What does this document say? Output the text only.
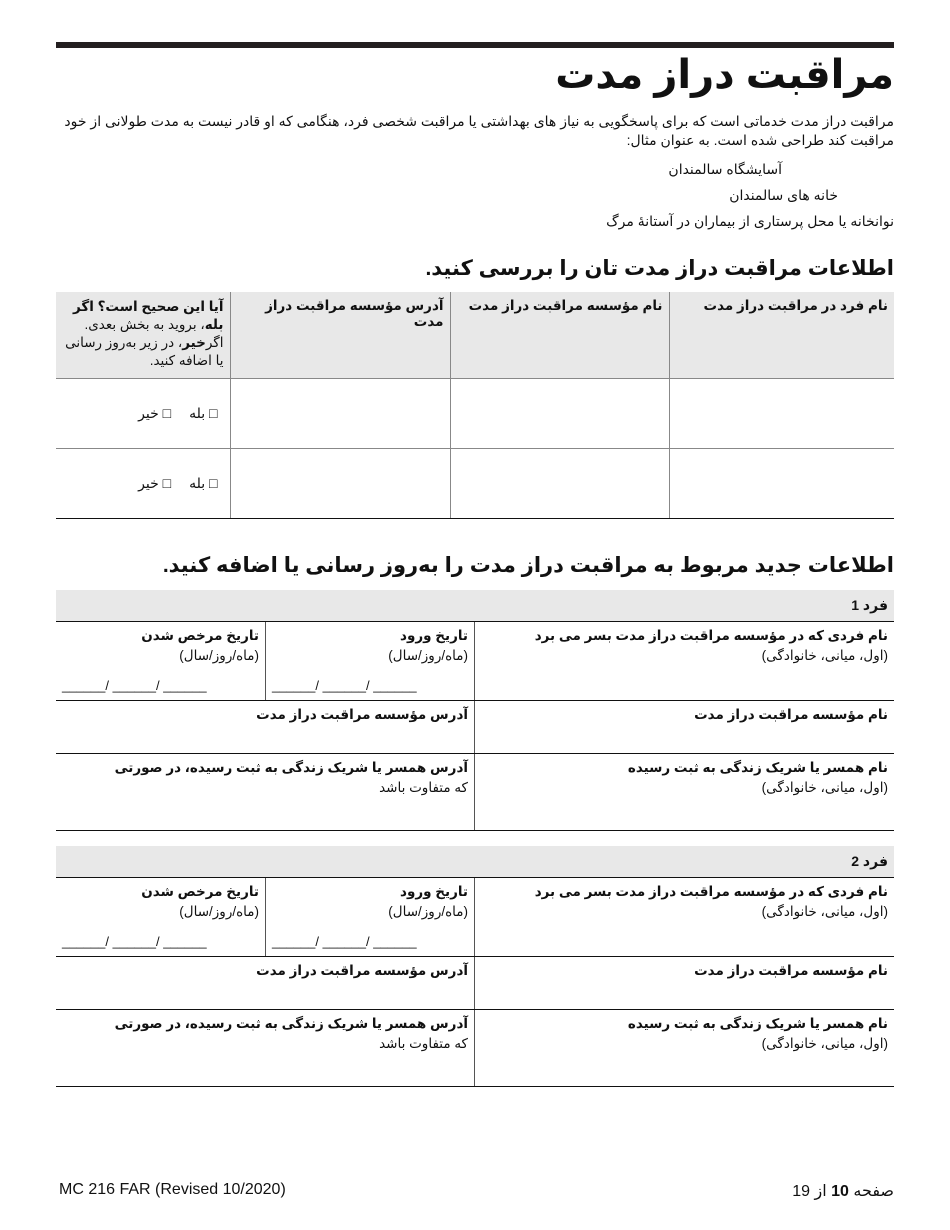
مراقبت دراز مدت
مراقبت دراز مدت خدماتی است که برای پاسخگویی به نیاز های بهداشتی یا مراقبت شخصی فرد، هنگامی که او قادر نیست به مدت طولانی از خود مراقبت کند طراحی شده است. به عنوان مثال:
آسایشگاه سالمندان
خانه های سالمندان
نوانخانه یا محل پرستاری از بیماران در آستانهٔ مرگ
اطلاعات مراقبت دراز مدت تان را بررسی کنید.
نام فرد در مراقبت دراز مدت	نام مؤسسه مراقبت دراز مدت	آدرس مؤسسه مراقبت دراز مدت	آیا این صحیح است؟ اگر
بله، بروید به بخش بعدی. اگرخیر، در زیر به‌روز رسانی یا اضافه کنید.

			□ بله□ خیر
			□ بله□ خیر
اطلاعات جدید مربوط به مراقبت دراز مدت را به‌روز رسانی یا اضافه کنید.
فرد 1
نام فردی که در مؤسسه مراقبت دراز مدت بسر می برد
(اول، میانی، خانوادگی)
تاریخ ورود
(ماه/روز/سال)
______/ ______/ ______
تاریخ مرخص شدن
(ماه/روز/سال)
______/ ______/ ______
نام مؤسسه مراقبت دراز مدت
آدرس مؤسسه مراقبت دراز مدت
نام همسر یا شریک زندگی به ثبت رسیده
(اول، میانی، خانوادگی)
آدرس همسر یا شریک زندگی به ثبت رسیده، در صورتی
که متفاوت باشد
فرد 2
نام فردی که در مؤسسه مراقبت دراز مدت بسر می برد
(اول، میانی، خانوادگی)
تاریخ ورود
(ماه/روز/سال)
______/ ______/ ______
تاریخ مرخص شدن
(ماه/روز/سال)
______/ ______/ ______
نام مؤسسه مراقبت دراز مدت
آدرس مؤسسه مراقبت دراز مدت
نام همسر یا شریک زندگی به ثبت رسیده
(اول، میانی، خانوادگی)
آدرس همسر یا شریک زندگی به ثبت رسیده، در صورتی
که متفاوت باشد
MC 216 FAR (Revised 10/2020)	صفحه 10 از 19
